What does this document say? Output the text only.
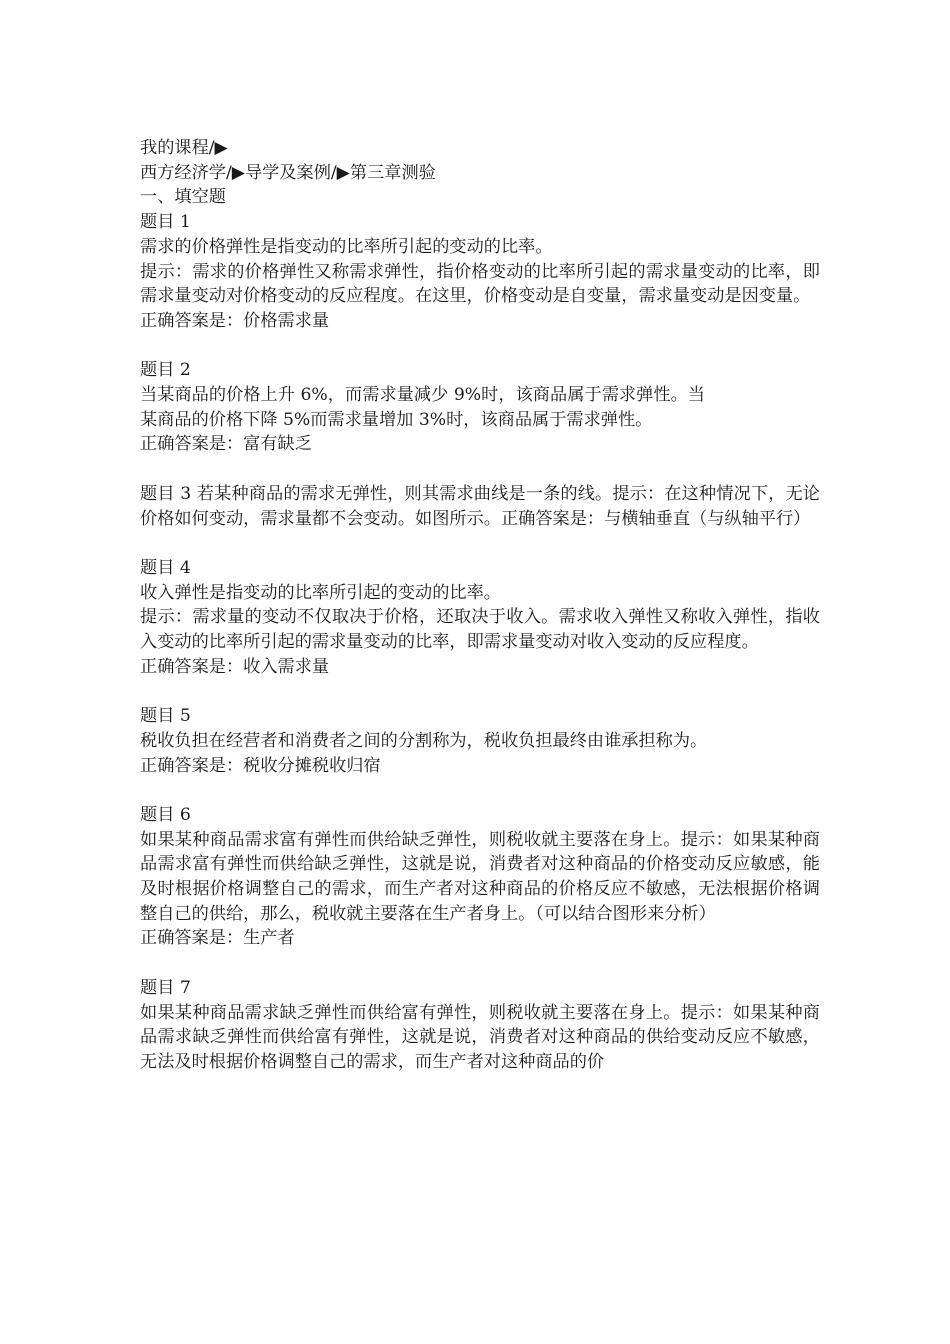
我的课程/▶
西方经济学/▶导学及案例/▶第三章测验
一、填空题
题目 1
需求的价格弹性是指变动的比率所引起的变动的比率。
提示：需求的价格弹性又称需求弹性，指价格变动的比率所引起的需求量变动的比率，即需求量变动对价格变动的反应程度。在这里，价格变动是自变量，需求量变动是因变量。
正确答案是：价格需求量
题目 2
当某商品的价格上升 6%，而需求量减少 9%时，该商品属于需求弹性。当某商品的价格下降 5%而需求量增加 3%时，该商品属于需求弹性。
正确答案是：富有缺乏
题目 3 若某种商品的需求无弹性，则其需求曲线是一条的线。提示：在这种情况下，无论价格如何变动，需求量都不会变动。如图所示。正确答案是：与横轴垂直（与纵轴平行）
题目 4
收入弹性是指变动的比率所引起的变动的比率。
提示：需求量的变动不仅取决于价格，还取决于收入。需求收入弹性又称收入弹性，指收入变动的比率所引起的需求量变动的比率，即需求量变动对收入变动的反应程度。
正确答案是：收入需求量
题目 5
税收负担在经营者和消费者之间的分割称为，税收负担最终由谁承担称为。
正确答案是：税收分摊税收归宿
题目 6
如果某种商品需求富有弹性而供给缺乏弹性，则税收就主要落在身上。提示：如果某种商品需求富有弹性而供给缺乏弹性，这就是说，消费者对这种商品的价格变动反应敏感，能及时根据价格调整自己的需求，而生产者对这种商品的价格反应不敏感，无法根据价格调整自己的供给，那么，税收就主要落在生产者身上。（可以结合图形来分析）
正确答案是：生产者
题目 7
如果某种商品需求缺乏弹性而供给富有弹性，则税收就主要落在身上。提示：如果某种商品需求缺乏弹性而供给富有弹性，这就是说，消费者对这种商品的供给变动反应不敏感，无法及时根据价格调整自己的需求，而生产者对这种商品的价
